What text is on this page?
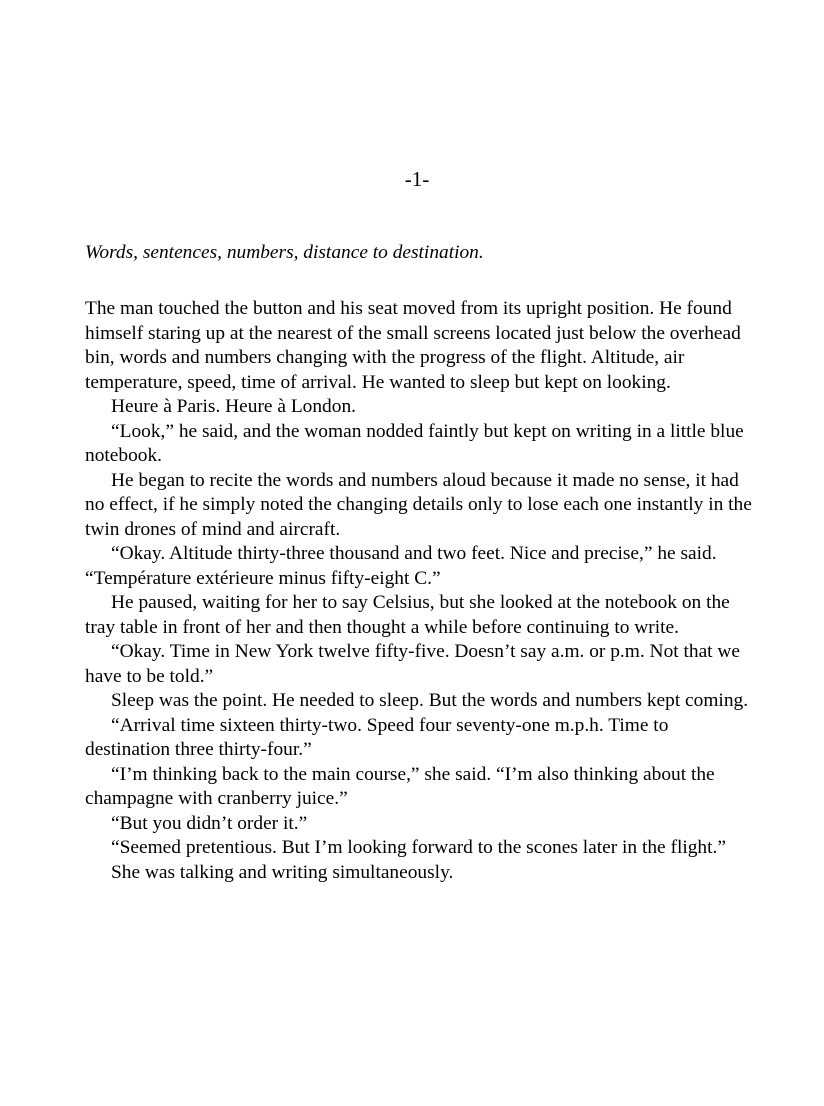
-1-

Words, sentences, numbers, distance to destination.

The man touched the button and his seat moved from its upright position. He found himself staring up at the nearest of the small screens located just below the overhead bin, words and numbers changing with the progress of the flight. Altitude, air temperature, speed, time of arrival. He wanted to sleep but kept on looking.

Heure à Paris. Heure à London.

“Look,” he said, and the woman nodded faintly but kept on writing in a little blue notebook.

He began to recite the words and numbers aloud because it made no sense, it had no effect, if he simply noted the changing details only to lose each one instantly in the twin drones of mind and aircraft.

“Okay. Altitude thirty-three thousand and two feet. Nice and precise,” he said. “Température extérieure minus fifty-eight C.”

He paused, waiting for her to say Celsius, but she looked at the notebook on the tray table in front of her and then thought a while before continuing to write.

“Okay. Time in New York twelve fifty-five. Doesn’t say a.m. or p.m. Not that we have to be told.”

Sleep was the point. He needed to sleep. But the words and numbers kept coming.

“Arrival time sixteen thirty-two. Speed four seventy-one m.p.h. Time to destination three thirty-four.”

“I’m thinking back to the main course,” she said. “I’m also thinking about the champagne with cranberry juice.”

“But you didn’t order it.”

“Seemed pretentious. But I’m looking forward to the scones later in the flight.”

She was talking and writing simultaneously.
